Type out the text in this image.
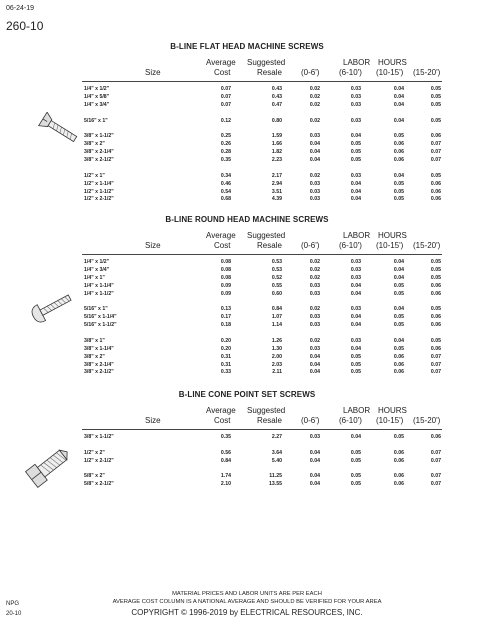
06-24-19
260-10
B-LINE FLAT HEAD MACHINE SCREWS
Average Suggested	LABOR HOURS
Size	Cost	Resale (0-6') (6-10') (10-15') (15-20')
1/4" x 1/2"	0.07	0.43	0.02	0.03	0.04	0.05
1/4" x 5/8"	0.07	0.43	0.02	0.03	0.04	0.05
1/4" x 3/4"	0.07	0.47	0.02	0.03	0.04	0.05
5/16" x 1"	0.12	0.80	0.02	0.03	0.04	0.05
3/8" x 1-1/2"	0.25	1.59	0.03	0.04	0.05	0.06
3/8" x 2"	0.26	1.66	0.04	0.05	0.06	0.07
3/8" x 2-1/4"	0.28	1.82	0.04	0.05	0.06	0.07
3/8" x 2-1/2"	0.35	2.23	0.04	0.05	0.06	0.07
1/2" x 1"	0.34	2.17	0.02	0.03	0.04	0.05
1/2" x 1-1/4"	0.46	2.94	0.03	0.04	0.05	0.06
1/2" x 1-1/2"	0.54	3.51	0.03	0.04	0.05	0.06
1/2" x 2-1/2"	0.68	4.39	0.03	0.04	0.05	0.06
B-LINE ROUND HEAD MACHINE SCREWS
Average Suggested	LABOR HOURS
Size	Cost	Resale (0-6') (6-10') (10-15') (15-20')
1/4" x 1/2"	0.08	0.53	0.02	0.03	0.04	0.05
1/4" x 3/4"	0.08	0.53	0.02	0.03	0.04	0.05
1/4" x 1"	0.08	0.52	0.02	0.03	0.04	0.05
1/4" x 1-1/4"	0.09	0.55	0.03	0.04	0.05	0.06
1/4" x 1-1/2"	0.09	0.60	0.03	0.04	0.05	0.06
5/16" x 1"	0.13	0.84	0.02	0.03	0.04	0.05
5/16" x 1-1/4"	0.17	1.07	0.03	0.04	0.05	0.06
5/16" x 1-1/2"	0.18	1.14	0.03	0.04	0.05	0.06
3/8" x 1"	0.20	1.26	0.02	0.03	0.04	0.05
3/8" x 1-1/4"	0.20	1.30	0.03	0.04	0.05	0.06
3/8" x 2"	0.31	2.00	0.04	0.05	0.06	0.07
3/8" x 2-1/4"	0.31	2.03	0.04	0.05	0.06	0.07
3/8" x 2-1/2"	0.33	2.11	0.04	0.05	0.06	0.07
B-LINE CONE POINT SET SCREWS
Average Suggested	LABOR HOURS
Size	Cost	Resale (0-6') (6-10') (10-15') (15-20')
3/8" x 1-1/2"	0.35	2.27	0.03	0.04	0.05	0.06
1/2" x 2"	0.56	3.64	0.04	0.05	0.06	0.07
1/2" x 2-1/2"	0.84	5.40	0.04	0.05	0.06	0.07
5/8" x 2"	1.74	11.25	0.04	0.05	0.06	0.07
5/8" x 2-1/2"	2.10	13.55	0.04	0.05	0.06	0.07
MATERIAL PRICES AND LABOR UNITS ARE PER EACH
AVERAGE COST COLUMN IS A NATIONAL AVERAGE AND SHOULD BE VERIFIED FOR YOUR AREA
COPYRIGHT © 1996-2019 by ELECTRICAL RESOURCES, INC.
NPG
20-10
